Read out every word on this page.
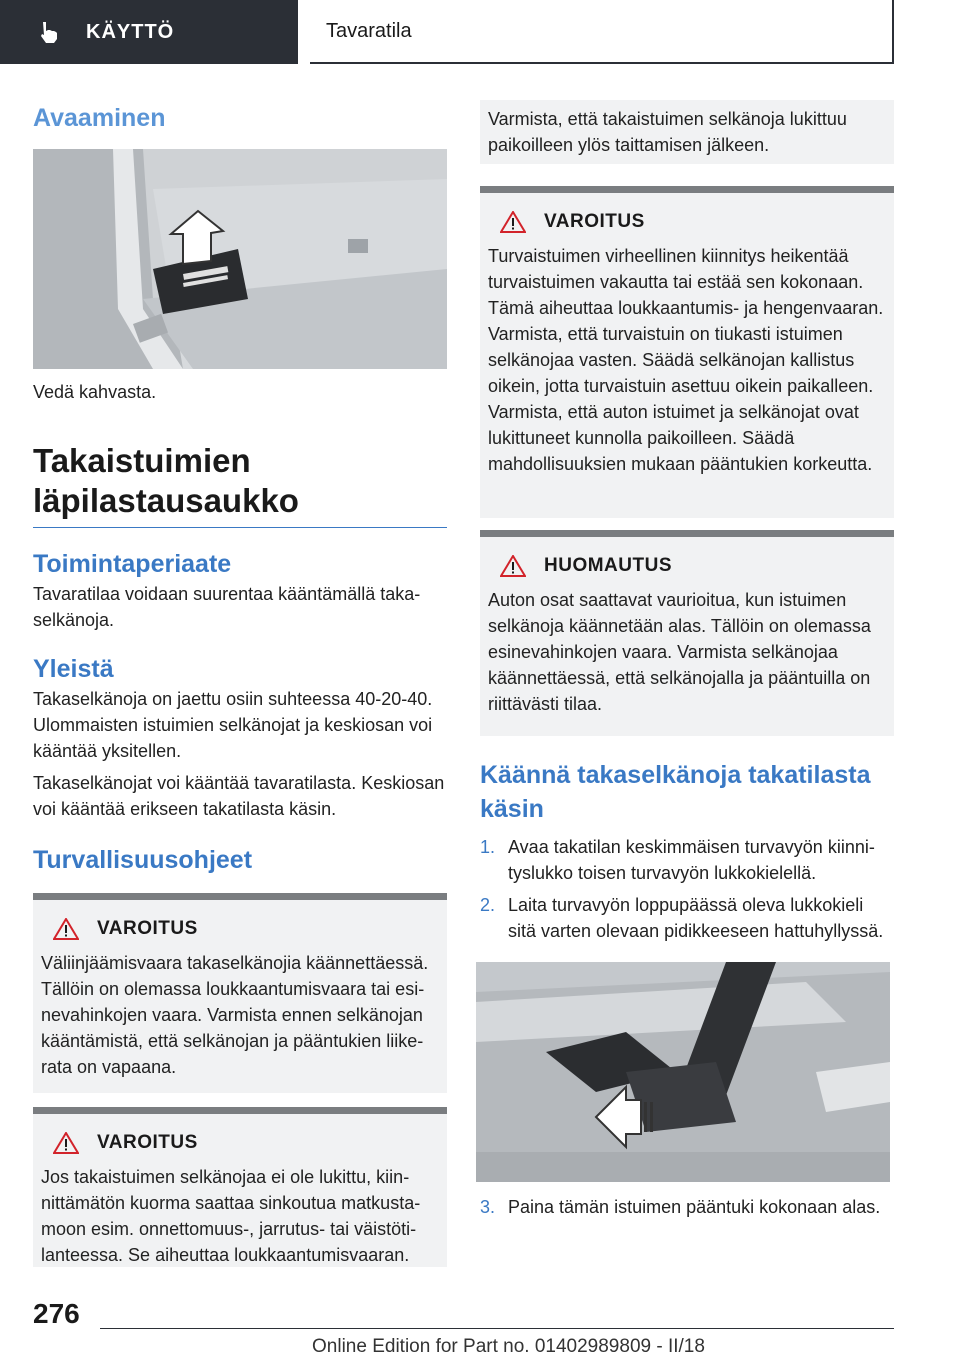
KÄYTTÖ	Tavaratila
Avaaminen

Vedä kahvasta.

Takaistuimien läpilastausaukko
Toimintaperiaate

Tavaratilaa voidaan suurentaa kääntämällä takaselkänoja.

Yleistä

Takaselkänoja on jaettu osiin suhteessa 40-20-40. Ulommaisten istuimien selkänojat ja keskiosan voi kääntää yksitellen.

Takaselkänojat voi kääntää tavaratilasta. Keskiosan voi kääntää erikseen takatilasta käsin.

Turvallisuusohjeet
VAROITUS

Väliinjäämisvaara takaselkänojia käännettäessä. Tällöin on olemassa loukkaantumisvaara tai esinevahinkojen vaara. Varmista ennen selkänojan kääntämistä, että selkänojan ja pääntukien liikerata on vapaana.

VAROITUS

Jos takaistuimen selkänojaa ei ole lukittu, kiinnittämätön kuorma saattaa sinkoutua matkustamoon esim. onnettomuus-, jarrutus- tai väistötilanteessa. Se aiheuttaa loukkaantumisvaaran.

Varmista, että takaistuimen selkänoja lukittuu paikoilleen ylös taittamisen jälkeen.

VAROITUS

Turvaistuimen virheellinen kiinnitys heikentää turvaistuimen vakautta tai estää sen kokonaan. Tämä aiheuttaa loukkaantumis- ja hengenvaaran. Varmista, että turvaistuin on tiukasti istuimen selkänojaa vasten. Säädä selkänojan kallistus oikein, jotta turvaistuin asettuu oikein paikalleen. Varmista, että auton istuimet ja selkänojat ovat lukittuneet kunnolla paikoilleen. Säädä mahdollisuuksien mukaan pääntukien korkeutta.

HUOMAUTUS

Auton osat saattavat vaurioitua, kun istuimen selkänoja käännetään alas. Tällöin on olemassa esinevahinkojen vaara. Varmista selkänojaa käännettäessä, että selkänojalla ja pääntuilla on riittävästi tilaa.

Käännä takaselkänoja takatilasta käsin
1. Avaa takatilan keskimmäisen turvavyön kiinnityslukko toisen turvavyön lukkokielellä.
2. Laita turvavyön loppupäässä oleva lukkokieli sitä varten olevaan pidikkeeseen hattuhyllyssä.
3. Paina tämän istuimen pääntuki kokonaan alas.
276
Online Edition for Part no. 01402989809 - II/18
